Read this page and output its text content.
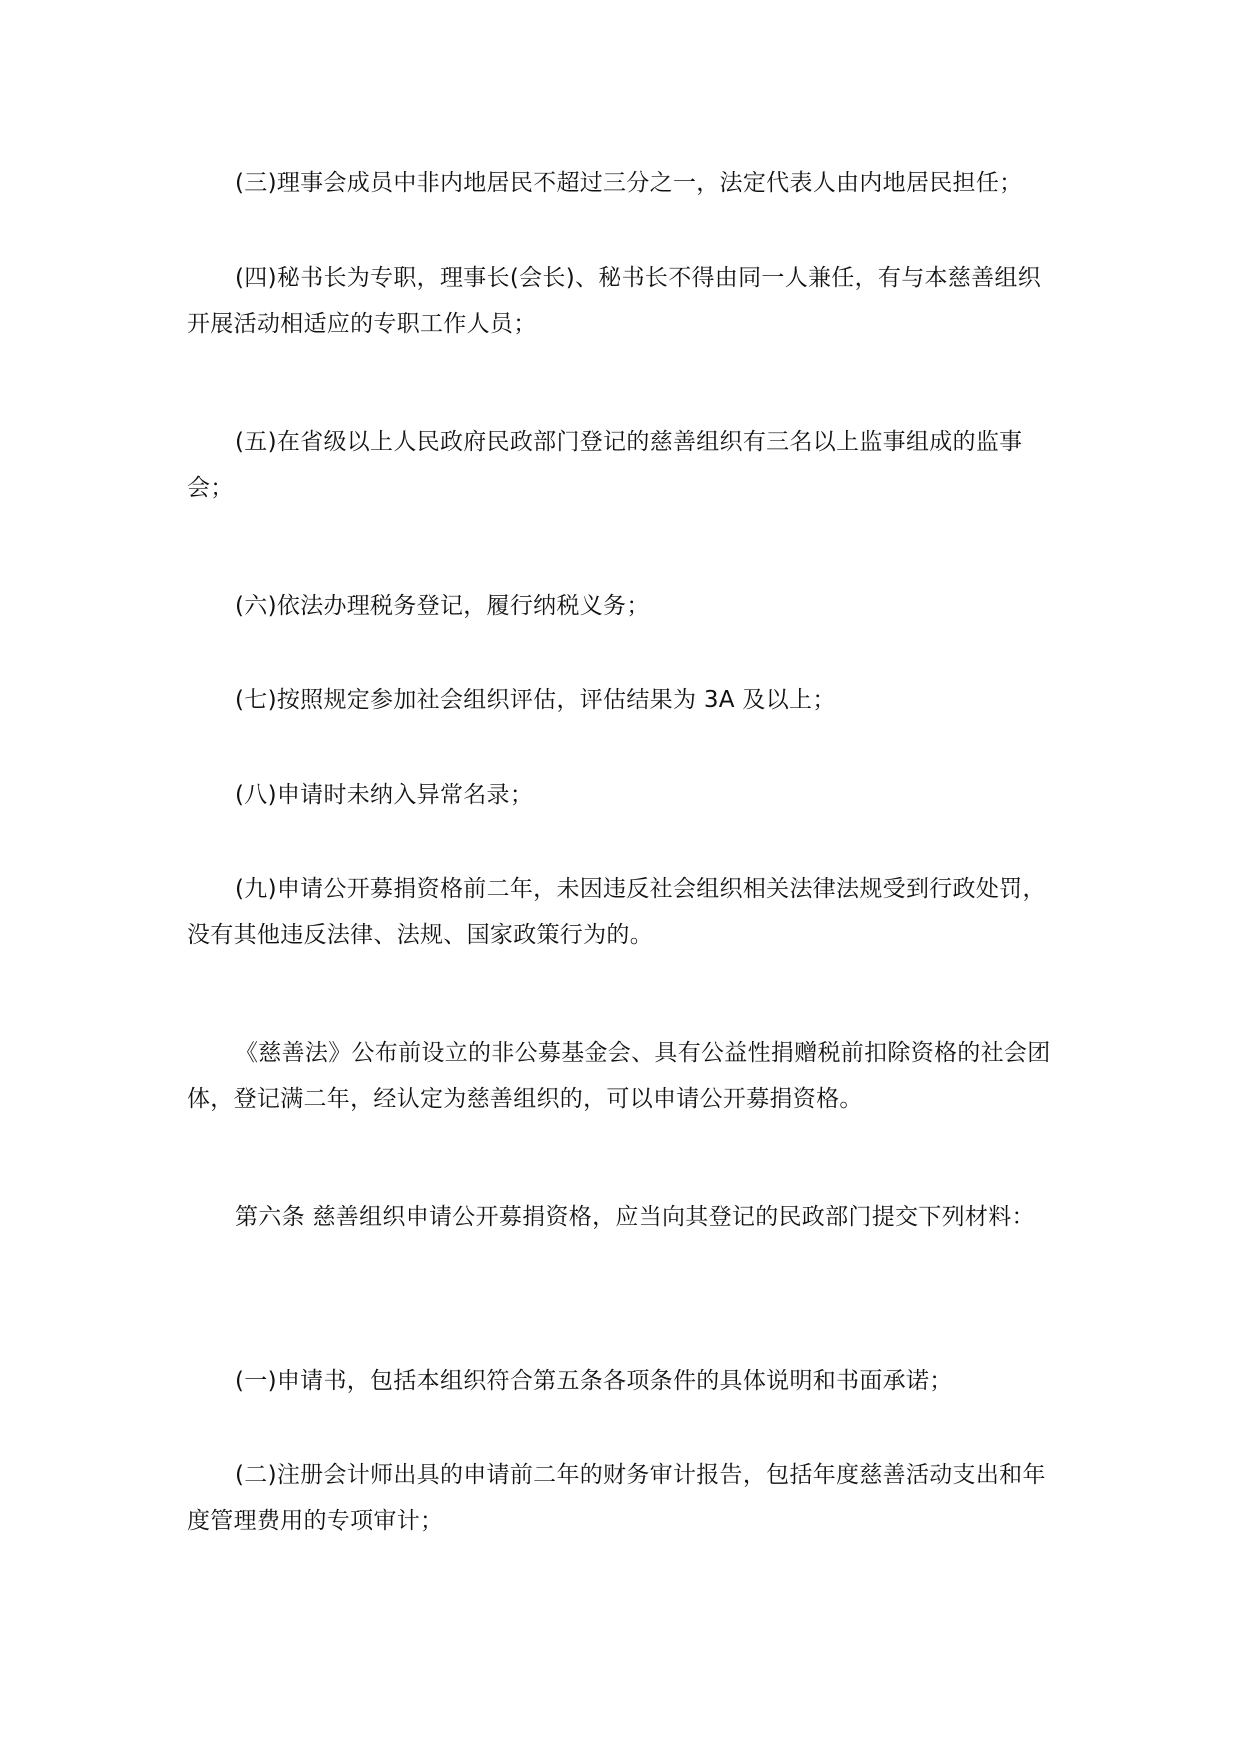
(三)理事会成员中非内地居民不超过三分之一，法定代表人由内地居民担任；

(四)秘书长为专职，理事长(会长)、秘书长不得由同一人兼任，有与本慈善组织开展活动相适应的专职工作人员；

(五)在省级以上人民政府民政部门登记的慈善组织有三名以上监事组成的监事会；

(六)依法办理税务登记，履行纳税义务；

(七)按照规定参加社会组织评估，评估结果为 3A 及以上；

(八)申请时未纳入异常名录；

(九)申请公开募捐资格前二年，未因违反社会组织相关法律法规受到行政处罚，没有其他违反法律、法规、国家政策行为的。

《慈善法》公布前设立的非公募基金会、具有公益性捐赠税前扣除资格的社会团体，登记满二年，经认定为慈善组织的，可以申请公开募捐资格。

第六条 慈善组织申请公开募捐资格，应当向其登记的民政部门提交下列材料：

(一)申请书，包括本组织符合第五条各项条件的具体说明和书面承诺；

(二)注册会计师出具的申请前二年的财务审计报告，包括年度慈善活动支出和年度管理费用的专项审计；
